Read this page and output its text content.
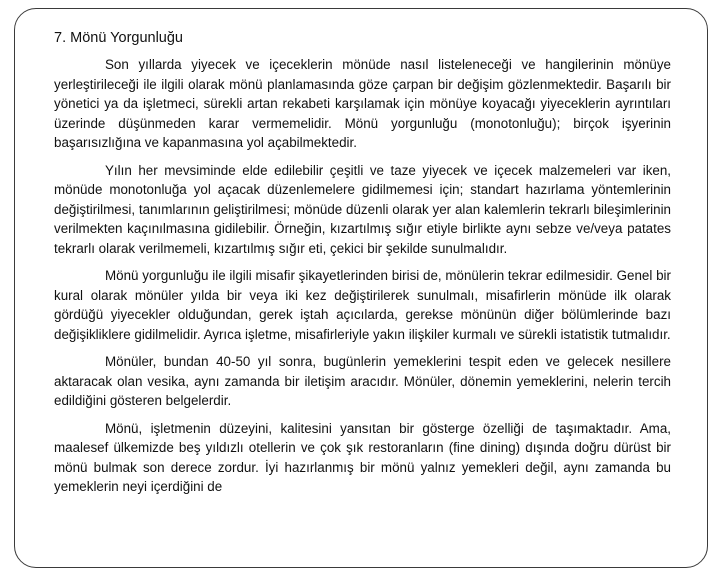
7. Mönü Yorgunluğu

Son yıllarda yiyecek ve içeceklerin mönüde nasıl listeleneceği ve hangilerinin mönüye yerleştirileceği ile ilgili olarak mönü planlamasında göze çarpan bir değişim gözlenmektedir. Başarılı bir yönetici ya da işletmeci, sürekli artan rekabeti karşılamak için mönüye koyacağı yiyeceklerin ayrıntıları üzerinde düşünmeden karar vermemelidir. Mönü yorgunluğu (monotonluğu); birçok işyerinin başarısızlığına ve kapanmasına yol açabilmektedir.

Yılın her mevsiminde elde edilebilir çeşitli ve taze yiyecek ve içecek malzemeleri var iken, mönüde monotonluğa yol açacak düzenlemelere gidilmemesi için; standart hazırlama yöntemlerinin değiştirilmesi, tanımlarının geliştirilmesi; mönüde düzenli olarak yer alan kalemlerin tekrarlı bileşimlerinin verilmekten kaçınılmasına gidilebilir. Örneğin, kızartılmış sığır etiyle birlikte aynı sebze ve/veya patates tekrarlı olarak verilmemeli, kızartılmış sığır eti, çekici bir şekilde sunulmalıdır.

Mönü yorgunluğu ile ilgili misafir şikayetlerinden birisi de, mönülerin tekrar edilmesidir. Genel bir kural olarak mönüler yılda bir veya iki kez değiştirilerek sunulmalı, misafirlerin mönüde ilk olarak gördüğü yiyecekler olduğundan, gerek iştah açıcılarda, gerekse mönünün diğer bölümlerinde bazı değişikliklere gidilmelidir. Ayrıca işletme, misafirleriyle yakın ilişkiler kurmalı ve sürekli istatistik tutmalıdır.

Mönüler, bundan 40-50 yıl sonra, bugünlerin yemeklerini tespit eden ve gelecek nesillere aktaracak olan vesika, aynı zamanda bir iletişim aracıdır. Mönüler, dönemin yemeklerini, nelerin tercih edildiğini gösteren belgelerdir.

Mönü, işletmenin düzeyini, kalitesini yansıtan bir gösterge özelliği de taşımaktadır. Ama, maalesef ülkemizde beş yıldızlı otellerin ve çok şık restoranların (fine dining) dışında doğru dürüst bir mönü bulmak son derece zordur. İyi hazırlanmış bir mönü yalnız yemekleri değil, aynı zamanda bu yemeklerin neyi içerdiğini de
